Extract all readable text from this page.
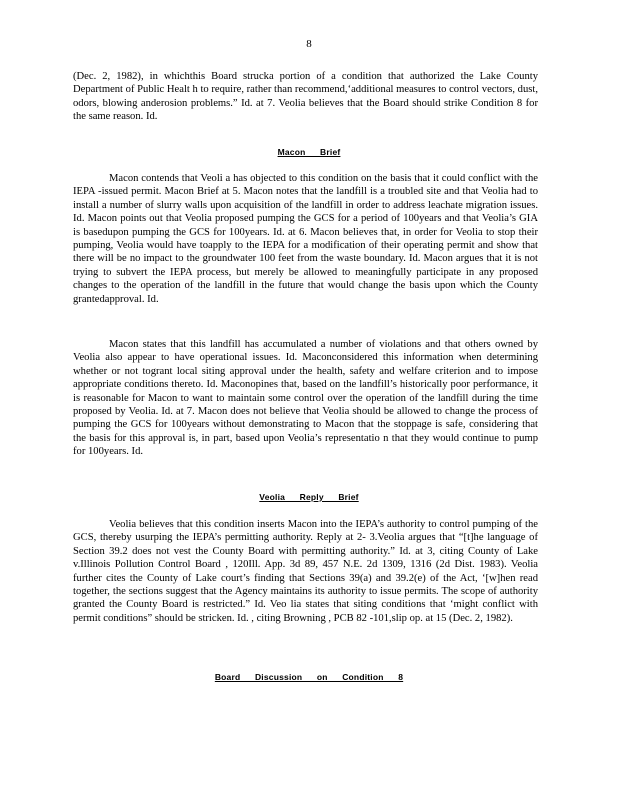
8

(Dec. 2, 1982), in whichthis Board strucka portion of a condition that authorized the Lake County Department of Public Healt h to require, rather than recommend,‘additional measures to control vectors, dust, odors, blowing anderosion problems.” Id. at 7. Veolia believes that the Board should strike Condition 8 for the same reason. Id.

Macon Brief

Macon contends that Veoli a has objected to this condition on the basis that it could conflict with the IEPA -issued permit. Macon Brief at 5. Macon notes that the landfill is a troubled site and that Veolia had to install a number of slurry walls upon acquisition of the landfill in order to address leachate migration issues. Id. Macon points out that Veolia proposed pumping the GCS for a period of 100years and that Veolia’s GIA is basedupon pumping the GCS for 100years. Id. at 6. Macon believes that, in order for Veolia to stop their pumping, Veolia would have toapply to the IEPA for a modification of their operating permit and show that there will be no impact to the groundwater 100 feet from the waste boundary. Id. Macon argues that it is not trying to subvert the IEPA process, but merely be allowed to meaningfully participate in any proposed changes to the operation of the landfill in the future that would change the basis upon which the County grantedapproval. Id.

Macon states that this landfill has accumulated a number of violations and that others owned by Veolia also appear to have operational issues. Id. Maconconsidered this information when determining whether or not togrant local siting approval under the health, safety and welfare criterion and to impose appropriate conditions thereto. Id. Maconopines that, based on the landfill’s historically poor performance, it is reasonable for Macon to want to maintain some control over the operation of the landfill during the time proposed by Veolia. Id. at 7. Macon does not believe that Veolia should be allowed to change the process of pumping the GCS for 100years without demonstrating to Macon that the stoppage is safe, considering that the basis for this approval is, in part, based upon Veolia’s representatio n that they would continue to pump for 100years. Id.

Veolia Reply Brief

Veolia believes that this condition inserts Macon into the IEPA’s authority to control pumping of the GCS, thereby usurping the IEPA’s permitting authority. Reply at 2- 3.Veolia argues that “[t]he language of Section 39.2 does not vest the County Board with permitting authority.” Id. at 3, citing County of Lake v.Illinois Pollution Control Board , 120Ill. App. 3d 89, 457 N.E. 2d 1309, 1316 (2d Dist. 1983). Veolia further cites the County of Lake court’s finding that Sections 39(a) and 39.2(e) of the Act, ‘[w]hen read together, the sections suggest that the Agency maintains its authority to issue permits. The scope of authority granted the County Board is restricted.” Id. Veo lia states that siting conditions that ‘might conflict with permit conditions” should be stricken. Id. , citing Browning , PCB 82 -101,slip op. at 15 (Dec. 2, 1982).

Board Discussion on Condition 8
